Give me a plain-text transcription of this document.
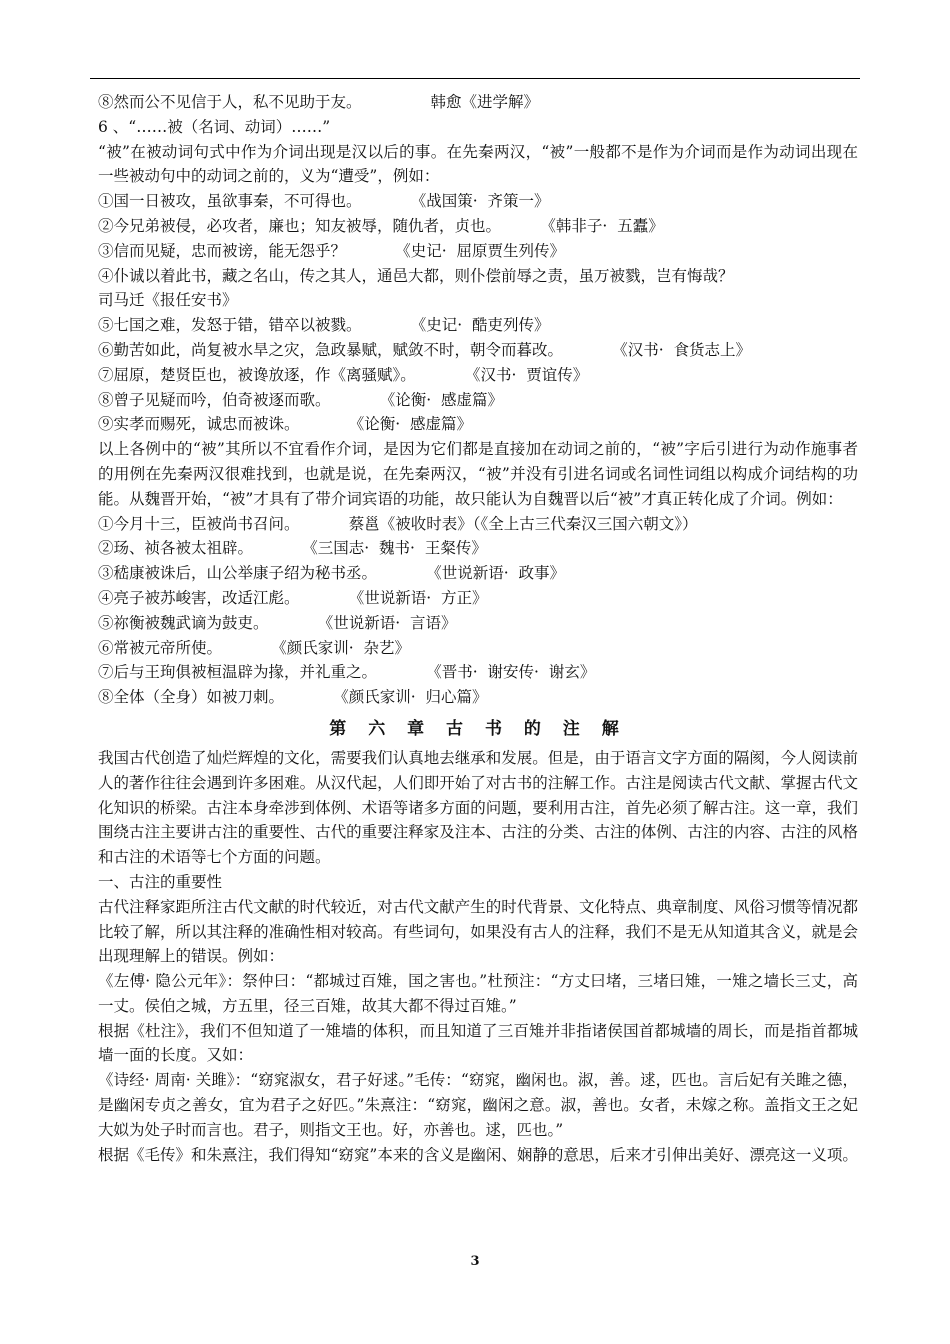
⑧然而公不见信于人，私不见助于友。              韩愈《进学解》
6 、“……被（名词、动词）……”
“被”在被动词句式中作为介词出现是汉以后的事。在先秦两汉，“被”一般都不是作为介词而是作为动词出现在一些被动句中的动词之前的，义为“遭受”，例如：
①国一日被攻，虽欲事秦，不可得也。          《战国策·  齐策一》
②今兄弟被侵，必攻者，廉也；知友被辱，随仇者，贞也。        《韩非子·  五蠹》
③信而见疑，忠而被谤，能无怨乎？          《史记·  屈原贾生列传》
④仆诚以着此书，藏之名山，传之其人，通邑大都，则仆偿前辱之责，虽万被戮，岂有悔哉？
司马迁《报任安书》
⑤七国之难，发怒于错，错卒以被戮。          《史记·  酷吏列传》
⑥勤苦如此，尚复被水旱之灾，急政暴赋，赋敛不时，朝令而暮改。          《汉书·  食货志上》
⑦屈原，楚贤臣也，被谗放逐，作《离骚赋》。          《汉书·  贾谊传》
⑧曾子见疑而吟，伯奇被逐而歌。          《论衡·  感虚篇》
⑨实孝而赐死，诚忠而被诛。          《论衡·  感虚篇》
以上各例中的“被”其所以不宜看作介词，是因为它们都是直接加在动词之前的，“被”字后引进行为动作施事者的用例在先秦两汉很难找到，也就是说，在先秦两汉，“被”并没有引进名词或名词性词组以构成介词结构的功能。从魏晋开始，“被”才具有了带介词宾语的功能，故只能认为自魏晋以后“被”才真正转化成了介词。例如：
①今月十三，臣被尚书召问。          蔡邕《被收时表》（《全上古三代秦汉三国六朝文》）
②玚、祯各被太祖辟。          《三国志·  魏书·  王粲传》
③嵇康被诛后，山公举康子绍为秘书丞。          《世说新语·  政事》
④亮子被苏峻害，改适江彪。          《世说新语·  方正》
⑤祢衡被魏武谪为鼓吏。          《世说新语·  言语》
⑥常被元帝所使。          《颜氏家训·  杂艺》
⑦后与王珣俱被桓温辟为掾，并礼重之。          《晋书·  谢安传·  谢玄》
⑧全体（全身）如被刀刺。          《颜氏家训·  归心篇》
第 六 章 古 书 的 注 解
我国古代创造了灿烂辉煌的文化，需要我们认真地去继承和发展。但是，由于语言文字方面的隔阂，今人阅读前人的著作往往会遇到许多困难。从汉代起，人们即开始了对古书的注解工作。古注是阅读古代文献、掌握古代文化知识的桥梁。古注本身牵涉到体例、术语等诸多方面的问题，要利用古注，首先必须了解古注。这一章，我们围绕古注主要讲古注的重要性、古代的重要注释家及注本、古注的分类、古注的体例、古注的内容、古注的风格和古注的术语等七个方面的问题。
一、古注的重要性
古代注释家距所注古代文献的时代较近，对古代文献产生的时代背景、文化特点、典章制度、风俗习惯等情况都比较了解，所以其注释的准确性相对较高。有些词句，如果没有古人的注释，我们不是无从知道其含义，就是会出现理解上的错误。例如：
《左傅· 隐公元年》：祭仲曰：“都城过百雉，国之害也。”杜预注：“方丈曰堵，三堵曰雉，一雉之墙长三丈，高一丈。侯伯之城，方五里，径三百雉，故其大都不得过百雉。”
根据《杜注》，我们不但知道了一雉墙的体积，而且知道了三百雉并非指诸侯国首都城墙的周长，而是指首都城墙一面的长度。又如：
《诗经· 周南· 关雎》：“窈窕淑女，君子好逑。”毛传：“窈窕，幽闲也。淑，善。逑，匹也。言后妃有关雎之德，是幽闲专贞之善女，宜为君子之好匹。”朱熹注：“窈窕，幽闲之意。淑，善也。女者，未嫁之称。盖指文王之妃大姒为处子时而言也。君子，则指文王也。好，亦善也。逑，匹也。”
根据《毛传》和朱熹注，我们得知“窈窕”本来的含义是幽闲、娴静的意思，后来才引伸出美好、漂亮这一义项。
3
